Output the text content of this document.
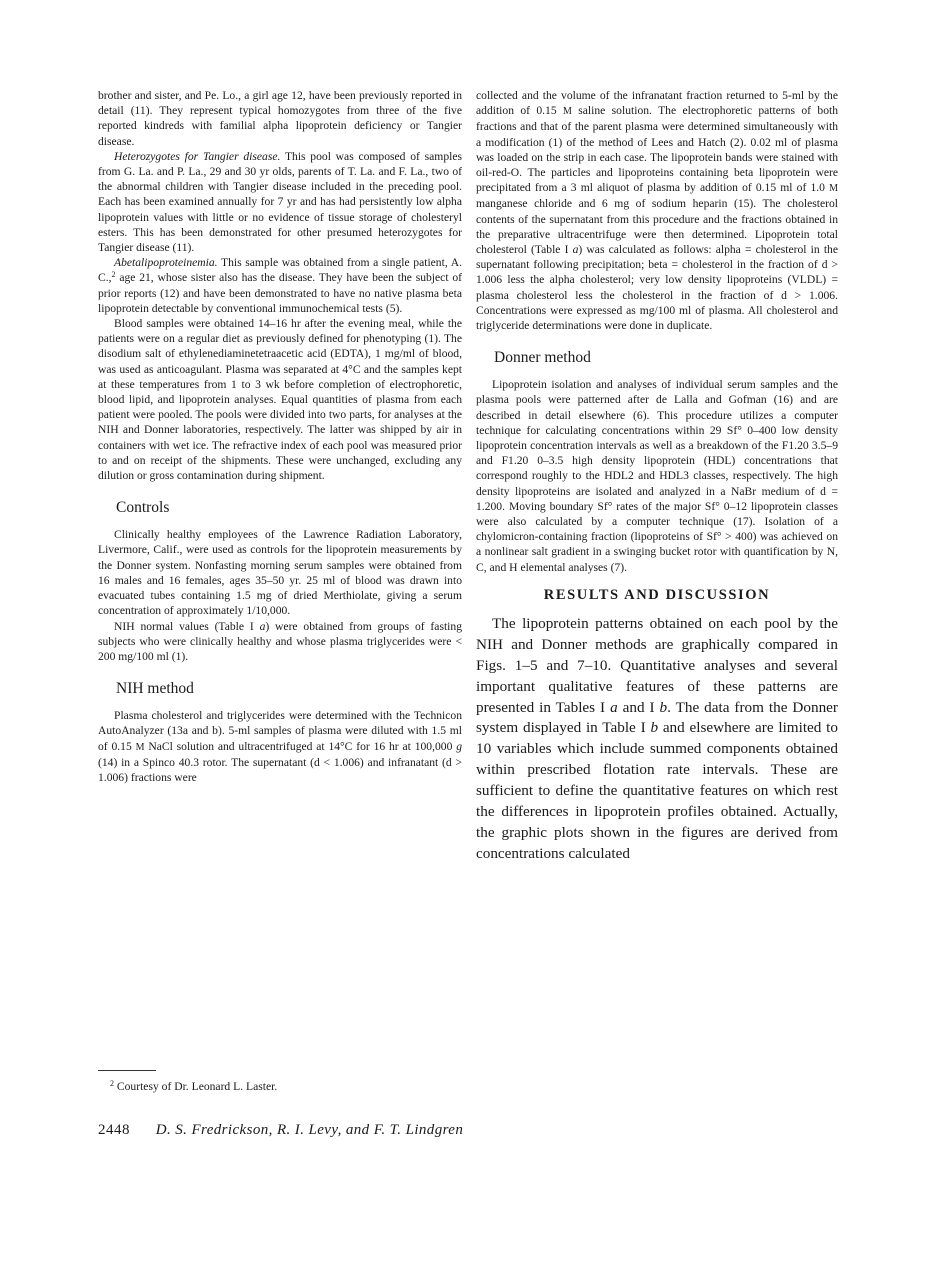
brother and sister, and Pe. Lo., a girl age 12, have been previously reported in detail (11). They represent typical homozygotes from three of the five reported kindreds with familial alpha lipoprotein deficiency or Tangier disease.

Heterozygotes for Tangier disease. This pool was composed of samples from G. La. and P. La., 29 and 30 yr olds, parents of T. La. and F. La., two of the abnormal children with Tangier disease included in the preceding pool. Each has been examined annually for 7 yr and has had persistently low alpha lipoprotein values with little or no evidence of tissue storage of cholesteryl esters. This has been demonstrated for other presumed heterozygotes for Tangier disease (11).

Abetalipoproteinemia. This sample was obtained from a single patient, A. C.,$^2$ age 21, whose sister also has the disease. They have been the subject of prior reports (12) and have been demonstrated to have no native plasma beta lipoprotein detectable by conventional immunochemical tests (5).

Blood samples were obtained 14–16 hr after the evening meal, while the patients were on a regular diet as previously defined for phenotyping (1). The disodium salt of ethylenediaminetetraacetic acid (EDTA), 1 mg/ml of blood, was used as anticoagulant. Plasma was separated at 4°C and the samples kept at these temperatures from 1 to 3 wk before completion of electrophoretic, blood lipid, and lipoprotein analyses. Equal quantities of plasma from each patient were pooled. The pools were divided into two parts, for analyses at the NIH and Donner laboratories, respectively. The latter was shipped by air in containers with wet ice. The refractive index of each pool was measured prior to and on receipt of the shipments. These were unchanged, excluding any dilution or gross contamination during shipment.

Controls

Clinically healthy employees of the Lawrence Radiation Laboratory, Livermore, Calif., were used as controls for the lipoprotein measurements by the Donner system. Nonfasting morning serum samples were obtained from 16 males and 16 females, ages 35–50 yr. 25 ml of blood was drawn into evacuated tubes containing 1.5 mg of dried Merthiolate, giving a serum concentration of approximately 1/10,000.

NIH normal values (Table I a) were obtained from groups of fasting subjects who were clinically healthy and whose plasma triglycerides were < 200 mg/100 ml (1).

NIH method

Plasma cholesterol and triglycerides were determined with the Technicon AutoAnalyzer (13a and b). 5-ml samples of plasma were diluted with 1.5 ml of 0.15 M NaCl solution and ultracentrifuged at 14°C for 16 hr at 100,000 g (14) in a Spinco 40.3 rotor. The supernatant (d < 1.006) and infranatant (d > 1.006) fractions were

collected and the volume of the infranatant fraction returned to 5-ml by the addition of 0.15 M saline solution. The electrophoretic patterns of both fractions and that of the parent plasma were determined simultaneously with a modification (1) of the method of Lees and Hatch (2). 0.02 ml of plasma was loaded on the strip in each case. The lipoprotein bands were stained with oil-red-O. The particles and lipoproteins containing beta lipoprotein were precipitated from a 3 ml aliquot of plasma by addition of 0.15 ml of 1.0 M manganese chloride and 6 mg of sodium heparin (15). The cholesterol contents of the supernatant from this procedure and the fractions obtained in the preparative ultracentrifuge were then determined. Lipoprotein total cholesterol (Table I a) was calculated as follows: alpha = cholesterol in the supernatant following precipitation; beta = cholesterol in the fraction of d > 1.006 less the alpha cholesterol; very low density lipoproteins (VLDL) = plasma cholesterol less the cholesterol in the fraction of d > 1.006. Concentrations were expressed as mg/100 ml of plasma. All cholesterol and triglyceride determinations were done in duplicate.

Donner method

Lipoprotein isolation and analyses of individual serum samples and the plasma pools were patterned after de Lalla and Gofman (16) and are described in detail elsewhere (6). This procedure utilizes a computer technique for calculating concentrations within 29 Sf° 0–400 low density lipoprotein concentration intervals as well as a breakdown of the F1.20 3.5–9 and F1.20 0–3.5 high density lipoprotein (HDL) concentrations that correspond roughly to the HDL2 and HDL3 classes, respectively. The high density lipoproteins are isolated and analyzed in a NaBr medium of d = 1.200. Moving boundary Sf° rates of the major Sf° 0–12 lipoprotein classes were also calculated by a computer technique (17). Isolation of a chylomicron-containing fraction (lipoproteins of Sf° > 400) was achieved on a nonlinear salt gradient in a swinging bucket rotor with quantification by N, C, and H elemental analyses (7).

RESULTS AND DISCUSSION

The lipoprotein patterns obtained on each pool by the NIH and Donner methods are graphically compared in Figs. 1–5 and 7–10. Quantitative analyses and several important qualitative features of these patterns are presented in Tables I a and I b. The data from the Donner system displayed in Table I b and elsewhere are limited to 10 variables which include summed components obtained within prescribed flotation rate intervals. These are sufficient to define the quantitative features on which rest the differences in lipoprotein profiles obtained. Actually, the graphic plots shown in the figures are derived from concentrations calculated

$^2$ Courtesy of Dr. Leonard L. Laster.

2448 D. S. Fredrickson, R. I. Levy, and F. T. Lindgren
